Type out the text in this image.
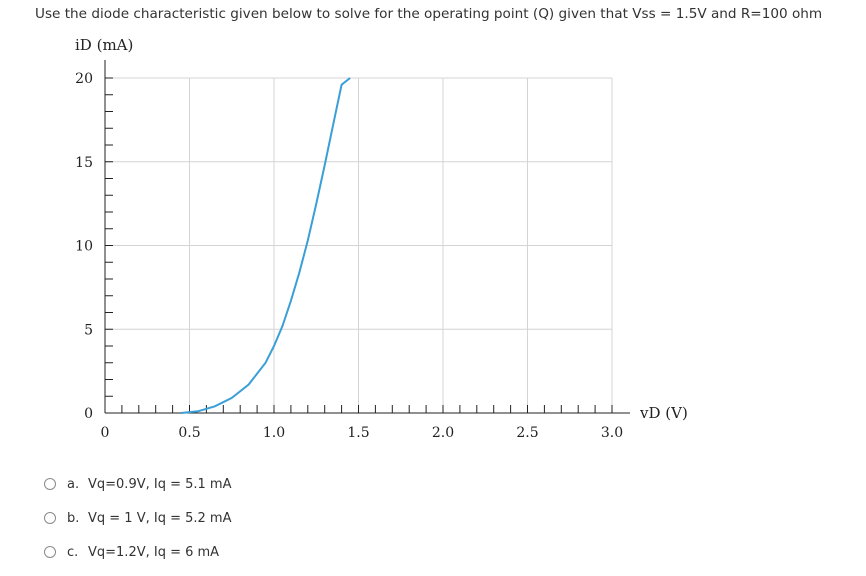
Use the diode characteristic given below to solve for the operating point (Q) given that Vss = 1.5V and R=100 ohm
0	0.5	1.0	1.5	2.0	2.5	3.0
0
5
10
15
20
iD (mA)
vD (V)
a. Vq=0.9V, Iq = 5.1 mA
b. Vq = 1 V, Iq = 5.2 mA
c. Vq=1.2V, Iq = 6 mA
